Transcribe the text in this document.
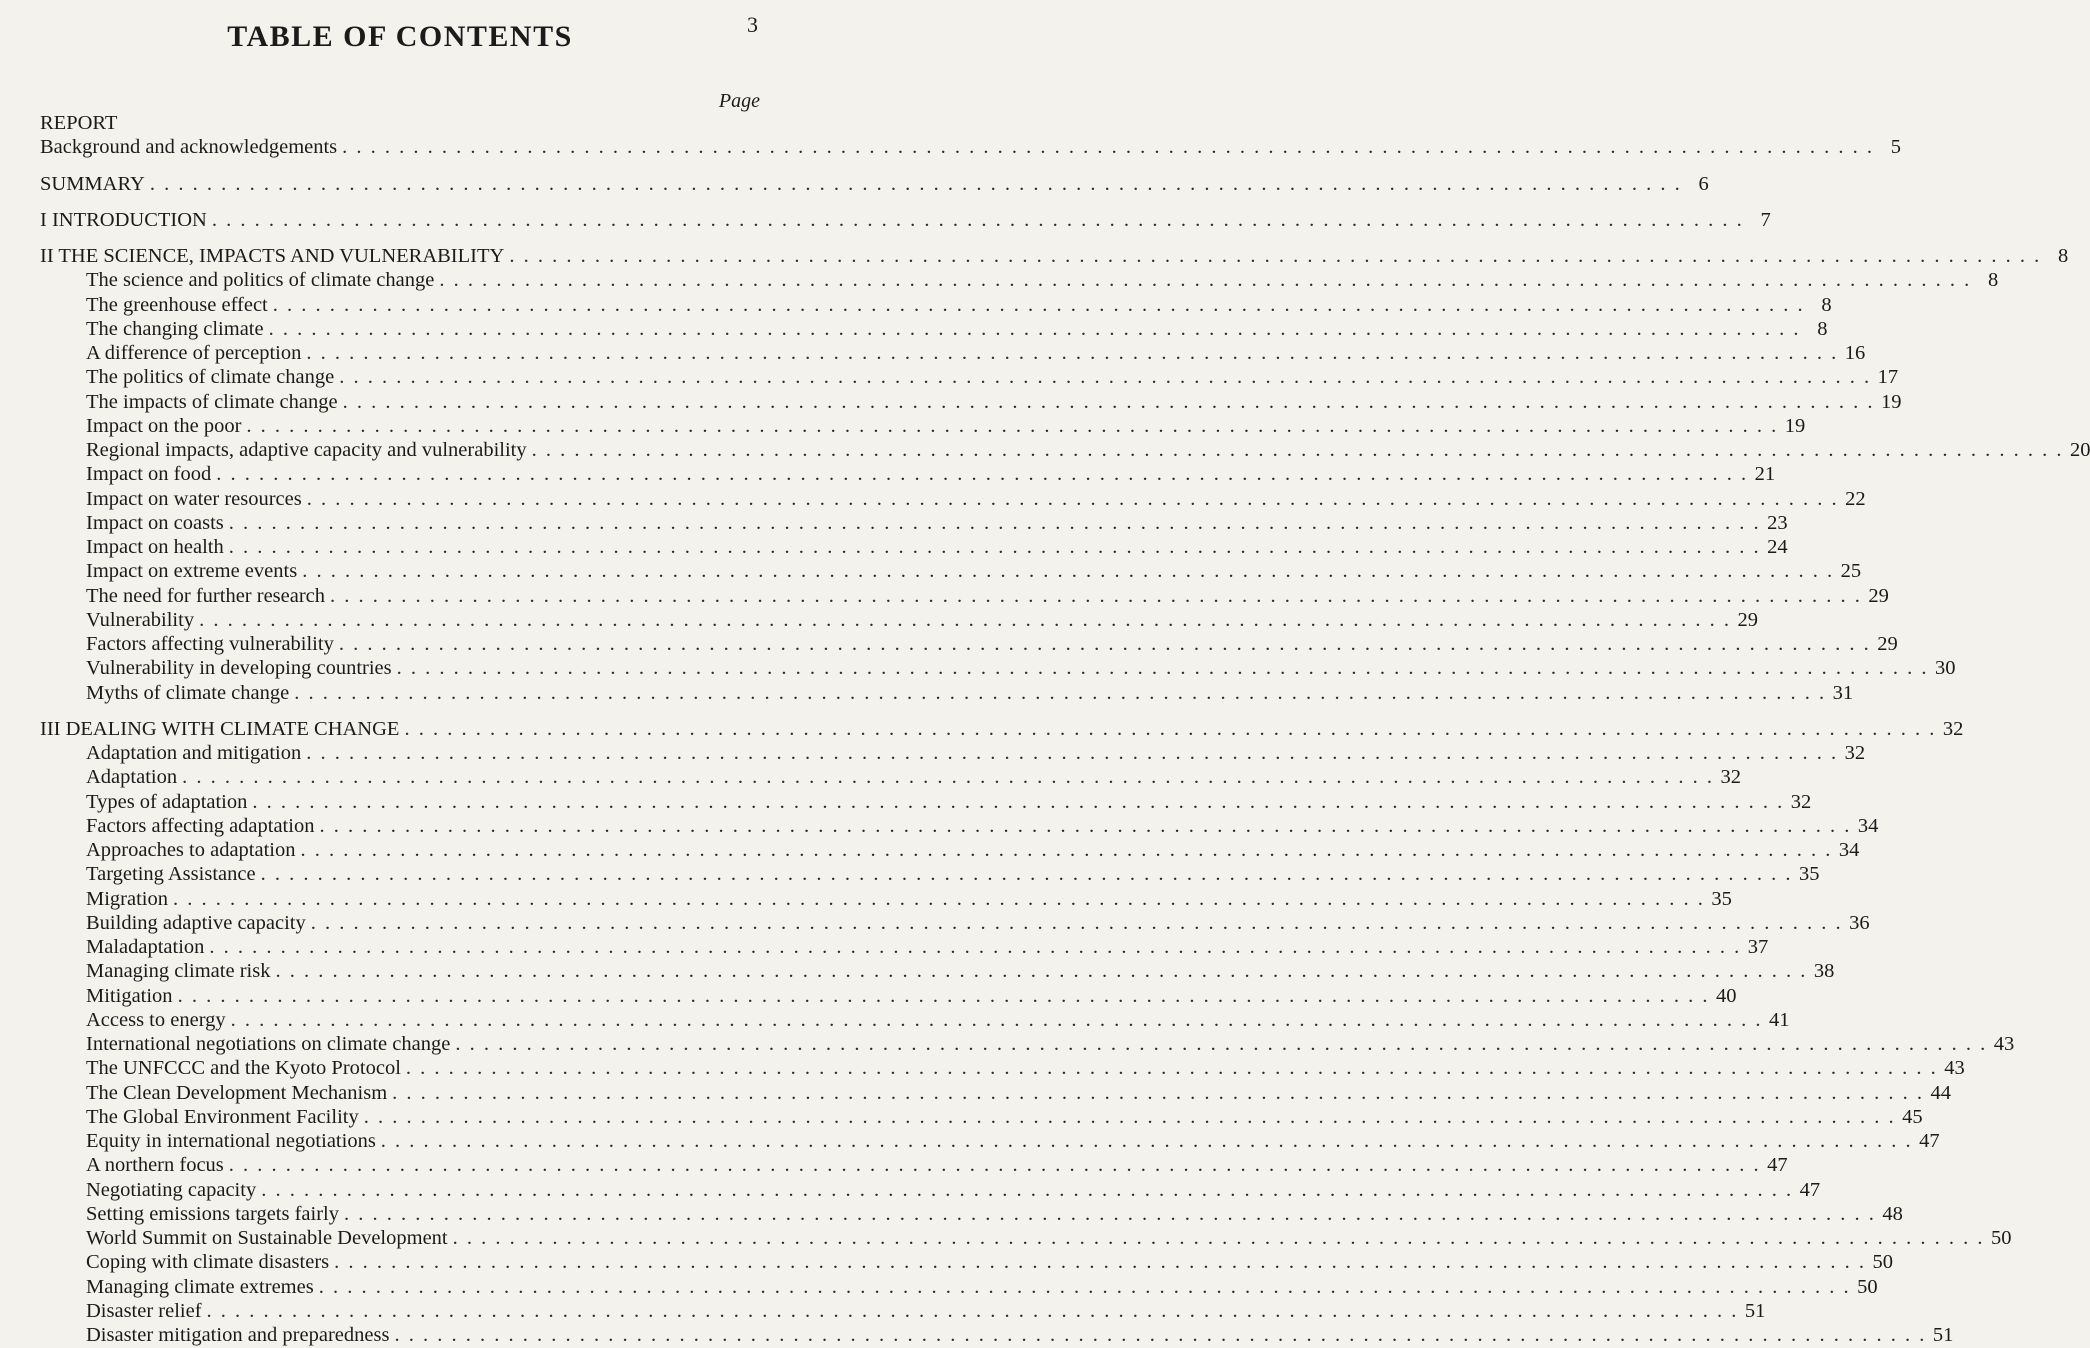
3
TABLE OF CONTENTS
Page
REPORT
Background and acknowledgements . . .	5
SUMMARY . . .	6
I INTRODUCTION . . .	7
II THE SCIENCE, IMPACTS AND VULNERABILITY . . .	8
The science and politics of climate change . . .	8
The greenhouse effect . . .	8
The changing climate . . .	8
A difference of perception . . .	16
The politics of climate change . . .	17
The impacts of climate change . . .	19
Impact on the poor . . .	19
Regional impacts, adaptive capacity and vulnerability . . .	20
Impact on food . . .	21
Impact on water resources . . .	22
Impact on coasts . . .	23
Impact on health . . .	24
Impact on extreme events . . .	25
The need for further research . . .	29
Vulnerability . . .	29
Factors affecting vulnerability . . .	29
Vulnerability in developing countries . . .	30
Myths of climate change . . .	31
III DEALING WITH CLIMATE CHANGE . . .	32
Adaptation and mitigation . . .	32
Adaptation . . .	32
Types of adaptation . . .	32
Factors affecting adaptation . . .	34
Approaches to adaptation . . .	34
Targeting Assistance . . .	35
Migration . . .	35
Building adaptive capacity . . .	36
Maladaptation . . .	37
Managing climate risk . . .	38
Mitigation . . .	40
Access to energy . . .	41
International negotiations on climate change . . .	43
The UNFCCC and the Kyoto Protocol . . .	43
The Clean Development Mechanism . . .	44
The Global Environment Facility . . .	45
Equity in international negotiations . . .	47
A northern focus . . .	47
Negotiating capacity . . .	47
Setting emissions targets fairly . . .	48
World Summit on Sustainable Development . . .	50
Coping with climate disasters . . .	50
Managing climate extremes . . .	50
Disaster relief . . .	51
Disaster mitigation and preparedness . . .	51
